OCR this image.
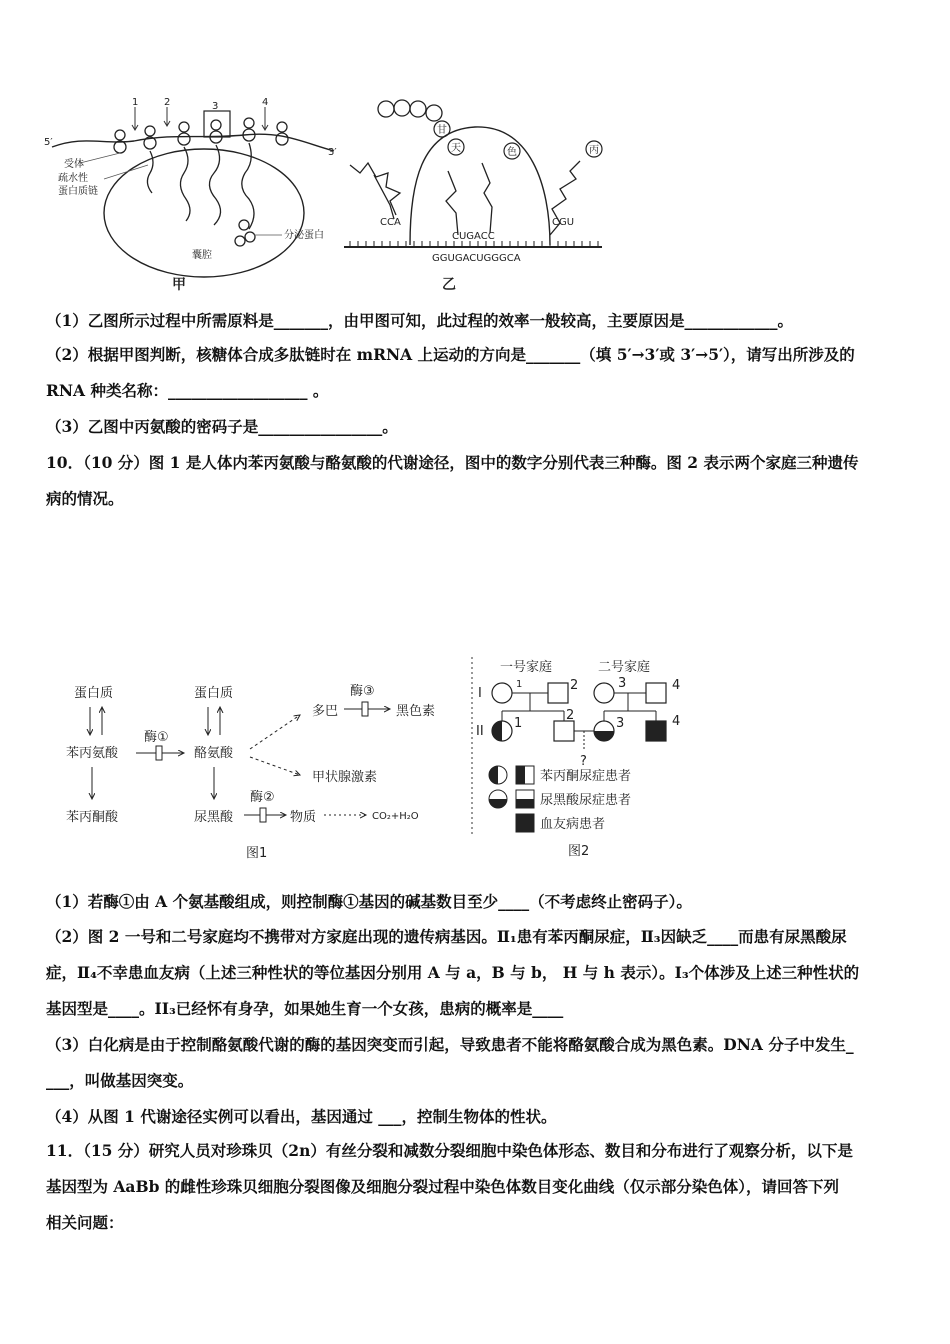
1	2	3	4
5′
3′
受体
疏水性
蛋白质链
分泌蛋白
囊腔
甲
甘
天	色	丙
CCA
CUGACC
CGU
GGUGACUGGGCA
乙
（1）乙图所示过程中所需原料是_______，由甲图可知，此过程的效率一般较高，主要原因是____________。
（2）根据甲图判断，核糖体合成多肽链时在 mRNA 上运动的方向是_______（填 5′→3′或 3′→5′），请写出所涉及的
RNA 种类名称：__________________ 。
（3）乙图中丙氨酸的密码子是________________。
10．（10 分）图 1 是人体内苯丙氨酸与酪氨酸的代谢途径，图中的数字分别代表三种酶。图 2 表示两个家庭三种遗传
病的情况。
蛋白质
苯丙氨酸
酶①
苯丙酮酸
蛋白质
酪氨酸
尿黑酸
多巴
酶③
黑色素
甲状腺激素
酶②
物质	CO₂+H₂O
图1
一号家庭	二号家庭
I
II
1	2	3	4
1
2
?
3	4
苯丙酮尿症患者
尿黑酸尿症患者
血友病患者
图2
（1）若酶①由 A 个氨基酸组成，则控制酶①基因的碱基数目至少____（不考虑终止密码子）。
（2）图 2 一号和二号家庭均不携带对方家庭出现的遗传病基因。Ⅱ₁患有苯丙酮尿症，Ⅱ₃因缺乏____而患有尿黑酸尿
症，Ⅱ₄不幸患血友病（上述三种性状的等位基因分别用 A 与 a，B 与 b， H 与 h 表示）。I₃个体涉及上述三种性状的
基因型是____。II₃已经怀有身孕，如果她生育一个女孩，患病的概率是____
（3）白化病是由于控制酪氨酸代谢的酶的基因突变而引起，导致患者不能将酪氨酸合成为黑色素。DNA 分子中发生_
___，叫做基因突变。
（4）从图 1 代谢途径实例可以看出，基因通过 ___，控制生物体的性状。
11．（15 分）研究人员对珍珠贝（2n）有丝分裂和减数分裂细胞中染色体形态、数目和分布进行了观察分析，以下是
基因型为 AaBb 的雌性珍珠贝细胞分裂图像及细胞分裂过程中染色体数目变化曲线（仅示部分染色体），请回答下列
相关问题：
